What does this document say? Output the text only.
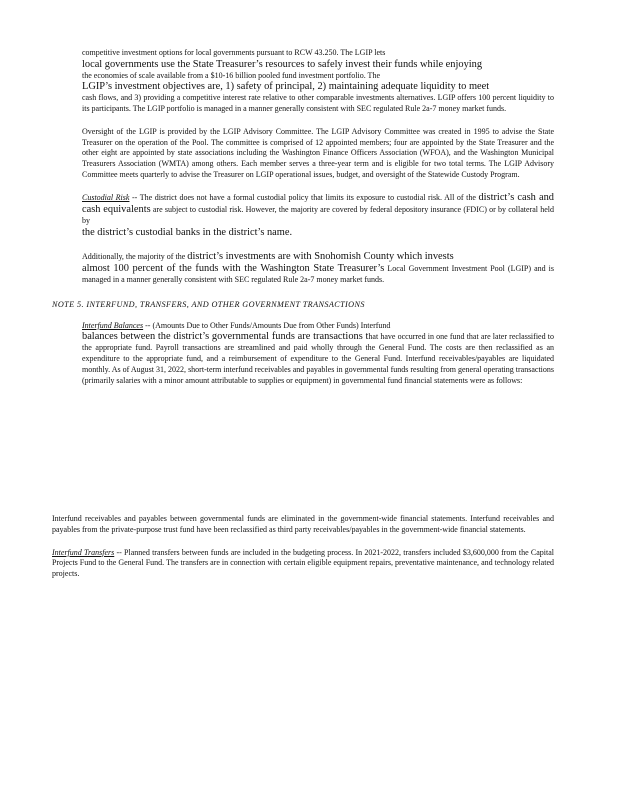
competitive investment options for local governments pursuant to RCW 43.250. The LGIP lets
local governments use the State Treasurer’s resources to safely invest their funds while enjoying
the economies of scale available from a $10-16 billion pooled fund investment portfolio. The
LGIP’s investment objectives are, 1) safety of principal, 2) maintaining adequate liquidity to meet
cash flows, and 3) providing a competitive interest rate relative to other comparable investments alternatives. LGIP offers 100 percent liquidity to its participants. The LGIP portfolio is managed in a manner generally consistent with SEC regulated Rule 2a-7 money market funds.

Oversight of the LGIP is provided by the LGIP Advisory Committee. The LGIP Advisory Committee was created in 1995 to advise the State Treasurer on the operation of the Pool. The committee is comprised of 12 appointed members; four are appointed by the State Treasurer and the other eight are appointed by state associations including the Washington Finance Officers Association (WFOA), and the Washington Municipal Treasurers Association (WMTA) among others. Each member serves a three-year term and is eligible for two total terms. The LGIP Advisory Committee meets quarterly to advise the Treasurer on LGIP operational issues, budget, and oversight of the Statewide Custody Program.

Custodial Risk -- The district does not have a formal custodial policy that limits its exposure to custodial risk. All of the district’s cash and cash equivalents are subject to custodial risk. However, the majority are covered by federal depository insurance (FDIC) or by collateral held by
the district’s custodial banks in the district’s name.

Additionally, the majority of the district’s investments are with Snohomish County which invests
almost 100 percent of the funds with the Washington State Treasurer’s Local Government Investment Pool (LGIP) and is managed in a manner generally consistent with SEC regulated Rule 2a-7 money market funds.

NOTE 5. INTERFUND, TRANSFERS, AND OTHER GOVERNMENT TRANSACTIONS

Interfund Balances -- (Amounts Due to Other Funds/Amounts Due from Other Funds) Interfund
balances between the district’s governmental funds are transactions that have occurred in one fund that are later reclassified to the appropriate fund. Payroll transactions are streamlined and paid wholly through the General Fund. The costs are then reclassified as an expenditure to the appropriate fund, and a reimbursement of expenditure to the General Fund. Interfund receivables/payables are liquidated monthly. As of August 31, 2022, short-term interfund receivables and payables in governmental funds resulting from general operating transactions (primarily salaries with a minor amount attributable to supplies or equipment) in governmental fund financial statements were as follows:

Interfund receivables and payables between governmental funds are eliminated in the government-wide financial statements. Interfund receivables and payables from the private-purpose trust fund have been reclassified as third party receivables/payables in the government-wide financial statements.

Interfund Transfers -- Planned transfers between funds are included in the budgeting process. In 2021-2022, transfers included $3,600,000 from the Capital Projects Fund to the General Fund. The transfers are in connection with certain eligible equipment repairs, preventative maintenance, and technology related projects.
